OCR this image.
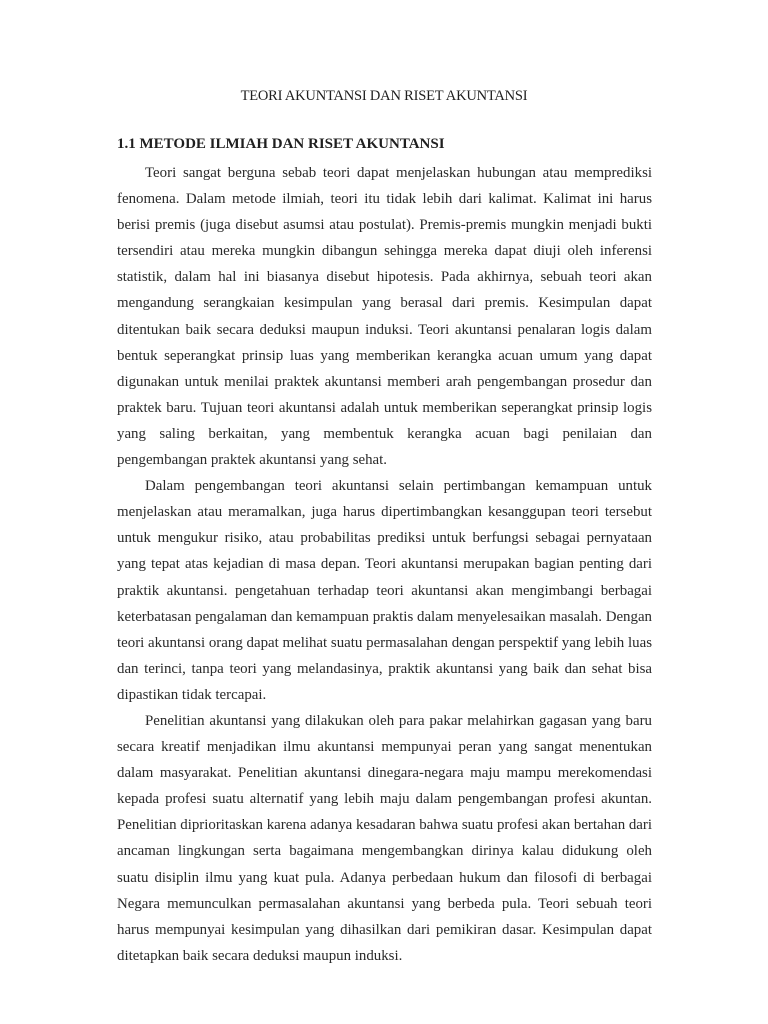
TEORI AKUNTANSI DAN RISET AKUNTANSI
1.1 METODE ILMIAH DAN RISET AKUNTANSI

Teori sangat berguna sebab teori dapat menjelaskan hubungan atau memprediksi fenomena. Dalam metode ilmiah, teori itu tidak lebih dari kalimat. Kalimat ini harus berisi premis (juga disebut asumsi atau postulat). Premis-premis mungkin menjadi bukti tersendiri atau mereka mungkin dibangun sehingga mereka dapat diuji oleh inferensi statistik, dalam hal ini biasanya disebut hipotesis. Pada akhirnya, sebuah teori akan mengandung serangkaian kesimpulan yang berasal dari premis. Kesimpulan dapat ditentukan baik secara deduksi maupun induksi. Teori akuntansi penalaran logis dalam bentuk seperangkat prinsip luas yang memberikan kerangka acuan umum yang dapat digunakan untuk menilai praktek akuntansi memberi arah pengembangan prosedur dan praktek baru. Tujuan teori akuntansi adalah untuk memberikan seperangkat prinsip logis yang saling berkaitan, yang membentuk kerangka acuan bagi penilaian dan pengembangan praktek akuntansi yang sehat.

Dalam pengembangan teori akuntansi selain pertimbangan kemampuan untuk menjelaskan atau meramalkan, juga harus dipertimbangkan kesanggupan teori tersebut untuk mengukur risiko, atau probabilitas prediksi untuk berfungsi sebagai pernyataan yang tepat atas kejadian di masa depan. Teori akuntansi merupakan bagian penting dari praktik akuntansi. pengetahuan terhadap teori akuntansi akan mengimbangi berbagai keterbatasan pengalaman dan kemampuan praktis dalam menyelesaikan masalah. Dengan teori akuntansi orang dapat melihat suatu permasalahan dengan perspektif yang lebih luas dan terinci, tanpa teori yang melandasinya, praktik akuntansi yang baik dan sehat bisa dipastikan tidak tercapai.

Penelitian akuntansi yang dilakukan oleh para pakar melahirkan gagasan yang baru secara kreatif menjadikan ilmu akuntansi mempunyai peran yang sangat menentukan dalam masyarakat. Penelitian akuntansi dinegara-negara maju mampu merekomendasi kepada profesi suatu alternatif yang lebih maju dalam pengembangan profesi akuntan. Penelitian diprioritaskan karena adanya kesadaran bahwa suatu profesi akan bertahan dari ancaman lingkungan serta bagaimana mengembangkan dirinya kalau didukung oleh suatu disiplin ilmu yang kuat pula. Adanya perbedaan hukum dan filosofi di berbagai Negara memunculkan permasalahan akuntansi yang berbeda pula. Teori sebuah teori harus mempunyai kesimpulan yang dihasilkan dari pemikiran dasar. Kesimpulan dapat ditetapkan baik secara deduksi maupun induksi.
